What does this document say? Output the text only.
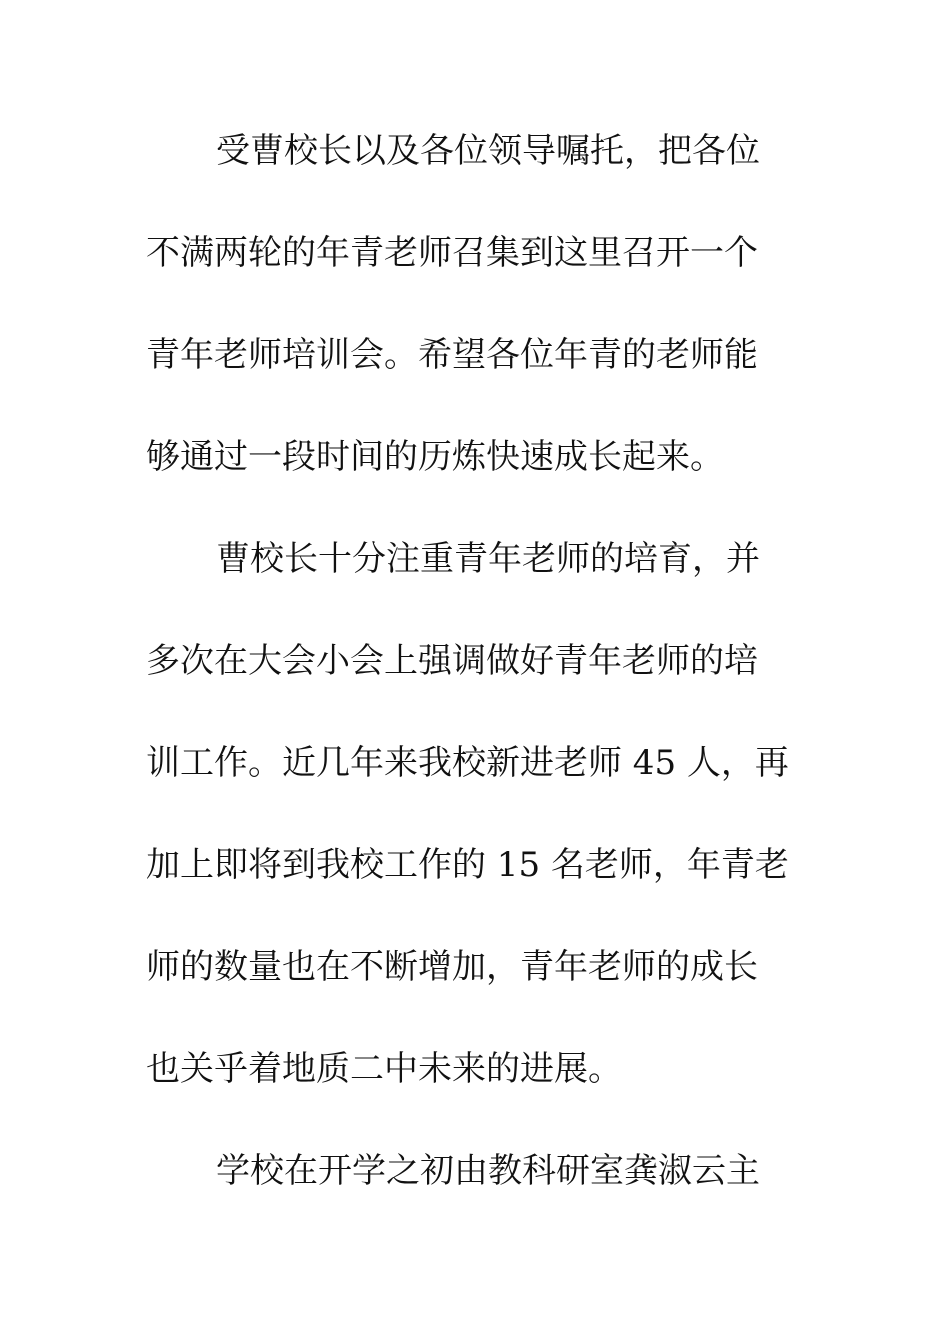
受曹校长以及各位领导嘱托，把各位
不满两轮的年青老师召集到这里召开一个
青年老师培训会。希望各位年青的老师能
够通过一段时间的历炼快速成长起来。
曹校长十分注重青年老师的培育，并
多次在大会小会上强调做好青年老师的培
训工作。近几年来我校新进老师 45 人，再
加上即将到我校工作的 15 名老师，年青老
师的数量也在不断增加，青年老师的成长
也关乎着地质二中未来的进展。
学校在开学之初由教科研室龚淑云主
